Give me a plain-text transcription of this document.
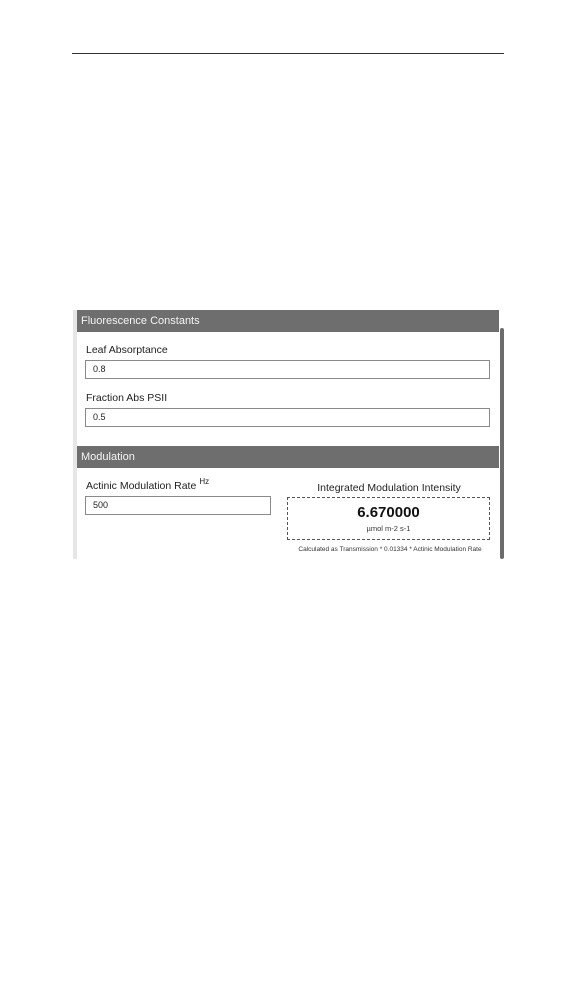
Fluorescence Constants
Leaf Absorptance
0.8
Fraction Abs PSII
0.5
Modulation
Actinic Modulation Rate $^{Hz}$
500
Integrated Modulation Intensity
6.670000
µmol m-2 s-1
Calculated as Transmission * 0.01334 * Actinic Modulation Rate
